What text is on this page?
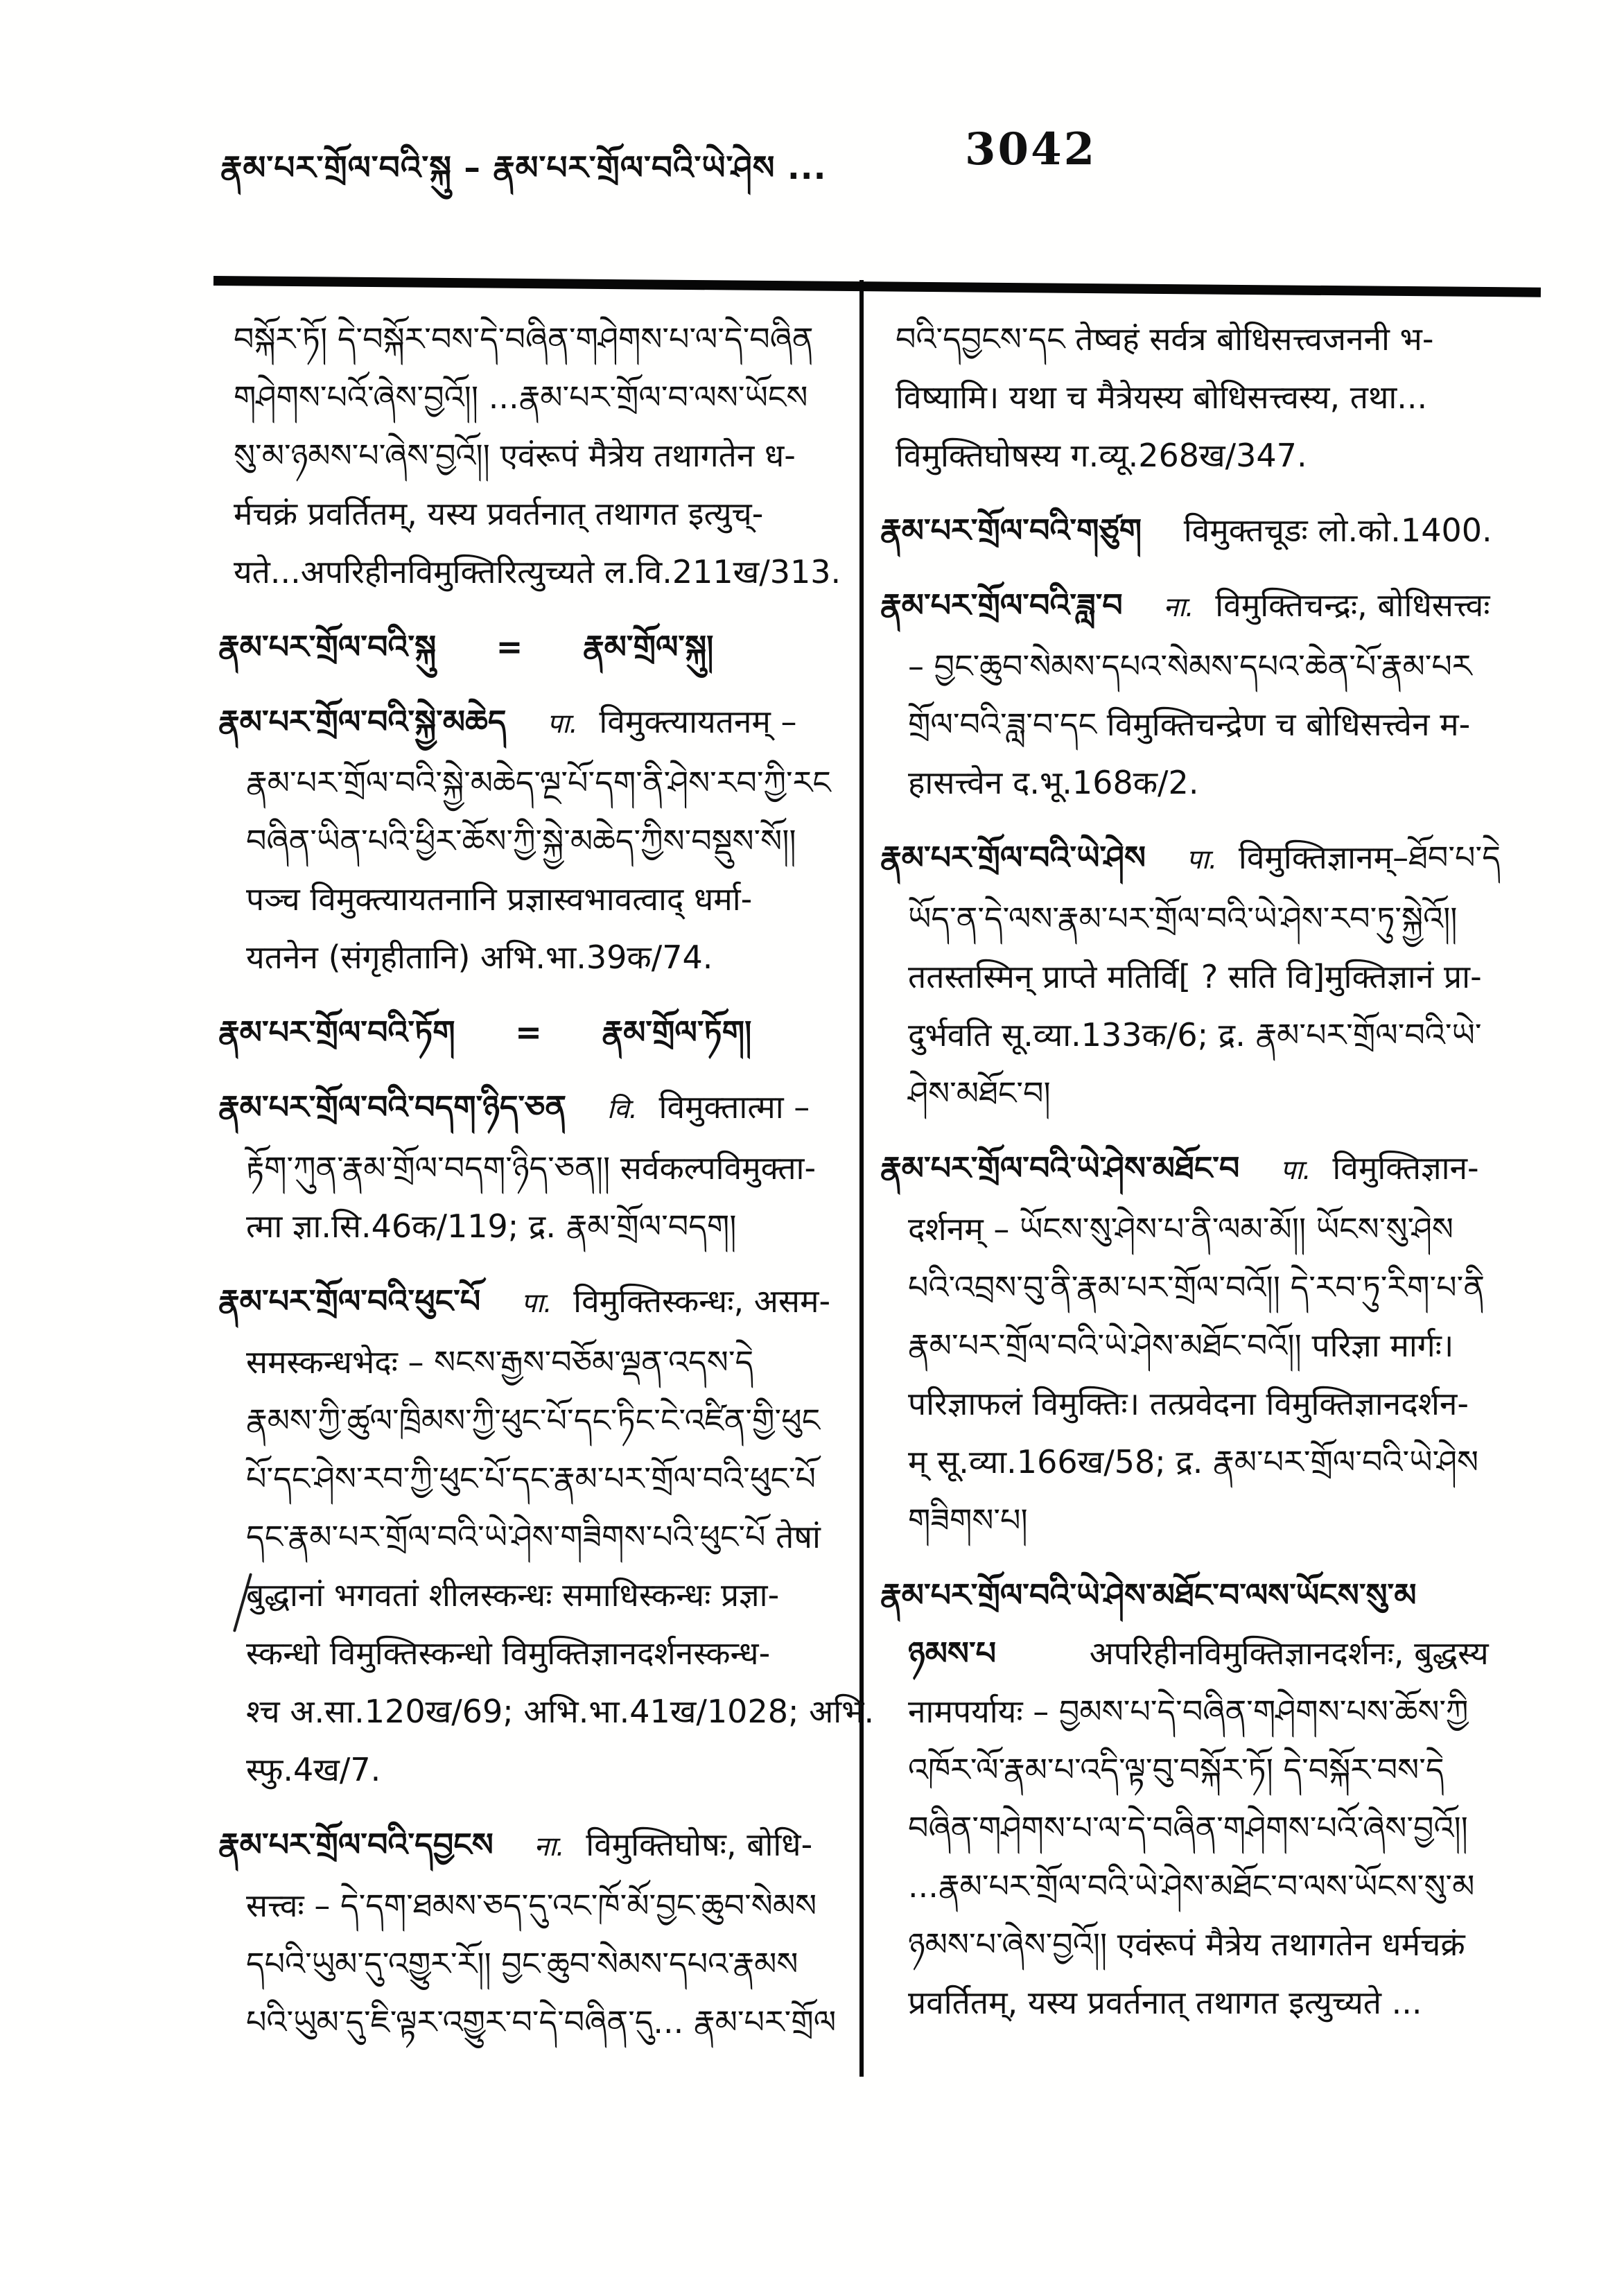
རྣམ་པར་གྲོལ་བའི་སྐུ – རྣམ་པར་གྲོལ་བའི་ཡེ་ཤེས ...	3042
བསྐོར་ཏོ། དེ་བསྐོར་བས་དེ་བཞིན་གཤེགས་པ་ལ་དེ་བཞིན
གཤེགས་པའོ་ཞེས་བྱའོ།། ...རྣམ་པར་གྲོལ་བ་ལས་ཡོངས
སུ་མ་ཉམས་པ་ཞེས་བྱའོ།། एवंरूपं मैत्रेय तथागतेन ध-
र्मचक्रं प्रवर्तितम्, यस्य प्रवर्तनात् तथागत इत्युच्-
यते...अपरिहीनविमुक्तिरित्युच्यते ल.वि.211ख/313.
རྣམ་པར་གྲོལ་བའི་སྐུ = རྣམ་གྲོལ་སྐུ།
རྣམ་པར་གྲོལ་བའི་སྐྱེ་མཆེད पा. विमुक्त्यायतनम् –
རྣམ་པར་གྲོལ་བའི་སྐྱེ་མཆེད་ལྔ་པོ་དག་ནི་ཤེས་རབ་ཀྱི་རང
བཞིན་ཡིན་པའི་ཕྱིར་ཆོས་ཀྱི་སྐྱེ་མཆེད་ཀྱིས་བསྡུས་སོ།།
पञ्च विमुक्त्यायतनानि प्रज्ञास्वभावत्वाद् धर्मा-
यतनेन (संगृहीतानि) अभि.भा.39क/74.
རྣམ་པར་གྲོལ་བའི་ཏོག = རྣམ་གྲོལ་ཏོག།
རྣམ་པར་གྲོལ་བའི་བདག་ཉིད་ཅན वि. विमुक्तात्मा –
རྟོག་ཀུན་རྣམ་གྲོལ་བདག་ཉིད་ཅན།། सर्वकल्पविमुक्ता-
त्मा ज्ञा.सि.46क/119; द्र. རྣམ་གྲོལ་བདག།
རྣམ་པར་གྲོལ་བའི་ཕུང་པོ पा. विमुक्तिस्कन्धः, असम-
समस्कन्धभेदः – སངས་རྒྱས་བཅོམ་ལྡན་འདས་དེ
རྣམས་ཀྱི་ཚུལ་ཁྲིམས་ཀྱི་ཕུང་པོ་དང་ཏིང་ངེ་འཛིན་གྱི་ཕུང
པོ་དང་ཤེས་རབ་ཀྱི་ཕུང་པོ་དང་རྣམ་པར་གྲོལ་བའི་ཕུང་པོ
དང་རྣམ་པར་གྲོལ་བའི་ཡེ་ཤེས་གཟིགས་པའི་ཕུང་པོ तेषां
बुद्धानां भगवतां शीलस्कन्धः समाधिस्कन्धः प्रज्ञा-
स्कन्धो विमुक्तिस्कन्धो विमुक्तिज्ञानदर्शनस्कन्ध-
श्च अ.सा.120ख/69; अभि.भा.41ख/1028; अभि.
स्फु.4ख/7.
རྣམ་པར་གྲོལ་བའི་དབྱངས ना. विमुक्तिघोषः, बोधि-
सत्त्वः – དེ་དག་ཐམས་ཅད་དུ་འང་ཁོ་མོ་བྱང་ཆུབ་སེམས
དཔའི་ཡུམ་དུ་འགྱུར་རོ།། བྱང་ཆུབ་སེམས་དཔའ་རྣམས
པའི་ཡུམ་དུ་ཇི་ལྟར་འགྱུར་བ་དེ་བཞིན་དུ... རྣམ་པར་གྲོལ
བའི་དབྱངས་དང तेष्वहं सर्वत्र बोधिसत्त्वजननी भ-
विष्यामि। यथा च मैत्रेयस्य बोधिसत्त्वस्य, तथा...
विमुक्तिघोषस्य ग.व्यू.268ख/347.
རྣམ་པར་གྲོལ་བའི་གཙུག विमुक्तचूडः लो.को.1400.
རྣམ་པར་གྲོལ་བའི་ཟླ་བ ना. विमुक्तिचन्द्रः, बोधिसत्त्वः
– བྱང་ཆུབ་སེམས་དཔའ་སེམས་དཔའ་ཆེན་པོ་རྣམ་པར
གྲོལ་བའི་ཟླ་བ་དང विमुक्तिचन्द्रेण च बोधिसत्त्वेन म-
हासत्त्वेन द.भू.168क/2.
རྣམ་པར་གྲོལ་བའི་ཡེ་ཤེས पा. विमुक्तिज्ञानम्–ཐོབ་པ་དེ
ཡོད་ན་དེ་ལས་རྣམ་པར་གྲོལ་བའི་ཡེ་ཤེས་རབ་ཏུ་སྐྱེའོ།།
ततस्तस्मिन् प्राप्ते मतिर्वि[ ? सति वि]मुक्तिज्ञानं प्रा-
दुर्भवति सू.व्या.133क/6; द्र. རྣམ་པར་གྲོལ་བའི་ཡེ་
ཤེས་མཐོང་བ།
རྣམ་པར་གྲོལ་བའི་ཡེ་ཤེས་མཐོང་བ पा. विमुक्तिज्ञान-
दर्शनम् – ཡོངས་སུ་ཤེས་པ་ནི་ལམ་མོ།། ཡོངས་སུ་ཤེས
པའི་འབྲས་བུ་ནི་རྣམ་པར་གྲོལ་བའོ།། དེ་རབ་ཏུ་རིག་པ་ནི
རྣམ་པར་གྲོལ་བའི་ཡེ་ཤེས་མཐོང་བའོ།། परिज्ञा मार्गः।
परिज्ञाफलं विमुक्तिः। तत्प्रवेदना विमुक्तिज्ञानदर्शन-
म् सू.व्या.166ख/58; द्र. རྣམ་པར་གྲོལ་བའི་ཡེ་ཤེས
གཟིགས་པ།
རྣམ་པར་གྲོལ་བའི་ཡེ་ཤེས་མཐོང་བ་ལས་ཡོངས་སུ་མ
ཉམས་པ	अपरिहीनविमुक्तिज्ञानदर्शनः, बुद्धस्य
नामपर्यायः – བྱམས་པ་དེ་བཞིན་གཤེགས་པས་ཆོས་ཀྱི
འཁོར་ལོ་རྣམ་པ་འདི་ལྟ་བུ་བསྐོར་ཏོ། དེ་བསྐོར་བས་དེ
བཞིན་གཤེགས་པ་ལ་དེ་བཞིན་གཤེགས་པའོ་ཞེས་བྱའོ།།
...རྣམ་པར་གྲོལ་བའི་ཡེ་ཤེས་མཐོང་བ་ལས་ཡོངས་སུ་མ
ཉམས་པ་ཞེས་བྱའོ།། एवंरूपं मैत्रेय तथागतेन धर्मचक्रं
प्रवर्तितम्, यस्य प्रवर्तनात् तथागत इत्युच्यते ...
